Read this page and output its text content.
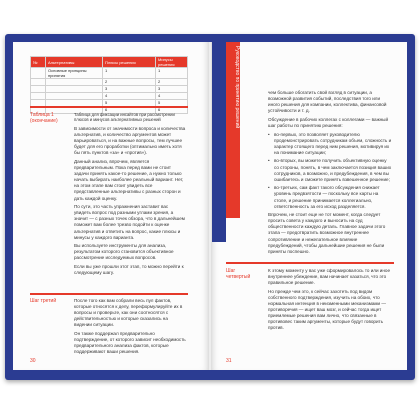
№	Альтернативы	Плюсы решения	Минусы решения
	Основные принципы принятия	1	1
		2	2
		3	3
		4	4
		5	5
		6	6
Таблица 1 (окончание)
Таблица для фиксации инсайтов при рассмотрении плюсов и минусов альтернативных решений

В зависимости от значимости вопроса и количества альтернатив, и количество аргументов может варьироваться, и на важные вопросы, тем лучшее будет для его проработки (оптимально иметь хотя бы пять пунктов «за» и «против»).

Данный анализ, впрочем, является предварительным. Пока перед вами не стоит задачи принять какое-то решение, а нужно только начать выбирать наиболее реальный вариант. Нет, на этом этапе вам стоит увидеть все представленные альтернативы с разных сторон и дать каждой оценку.

По сути, это часть упражнения заставит вас увидеть вопрос под разными углами зрения, а значит — с разных точек обзора, что в дальнейшем поможет вам более трезво подойти к оценке альтернатив и ответить на вопрос, какие плюсы и минусы у каждого варианта.

Вы используете инструменты для анализа, результатом которого становится объективное рассмотрение исследуемых вопросов.

Если вы уже прошли этот этап, то можно перейти к следующему шагу.

Шаг третий	После того как вам собрали весь пул фактов, которые относятся к делу, переформулируйте их в вопросы и проверьте, как они соотносятся с действительностью и которые сказались на видении ситуации.

Он также поддержал предварительно подтверждение, от которого зависит необходимость предварительного анализа фактов, которые поддерживают ваши решения.

30
Руководство по принятию решений	чем больше обогатить свой взгляд в ситуации, а возможной развития событий, последствия того или иного решения для компании, коллектива, финансовой устойчивости и т. д.

Обсуждение в рабочих коллегах с коллегами — важный шаг работы по принятию решения:

• во-первых, это позволяет руководителю продемонстрировать сотрудникам объем, сложность и характер стоящего перед ним решения, мотивируя их на понимание ситуации;

• во-вторых, вы можете получить объективную оценку со стороны, понять, в чем заключается позиция ваших сотрудников, а возможно, и предубеждения, в чем вы ошибаетесь и сможете принять взвешенное решение;

• во-третьих, сам факт такого обсуждения снижает уровень предвзятости — поскольку все карты на столе, и решение принимается коллегиально, ответственность за его исход разделяется.

Впрочем, не стоит еще не тот момент, когда следует просить совета у каждого и выносить на суд общественности каждую деталь. Главное задачи этого этапа — предотвратить возможное внутреннее сопротивление и нежелательное влияние предубеждений, чтобы дальнейшие решения не были приняты поспешно.

Шаг четвертый

К этому моменту у вас уже сформировалось то или иное внутреннее убеждение, вам начинает казаться, что это правильное решение.

Но прежде чем это, к сейчас захотеть под видом собственного подтверждения, изучить на обоих, что нормальная интенция в неизменными механизмами — противоречия — ищет ваш мозг, и сейчас тогда ищет приемлемые решения вам лично, что связанные в противовес таким аргументы, которые будут говорить против.

31
